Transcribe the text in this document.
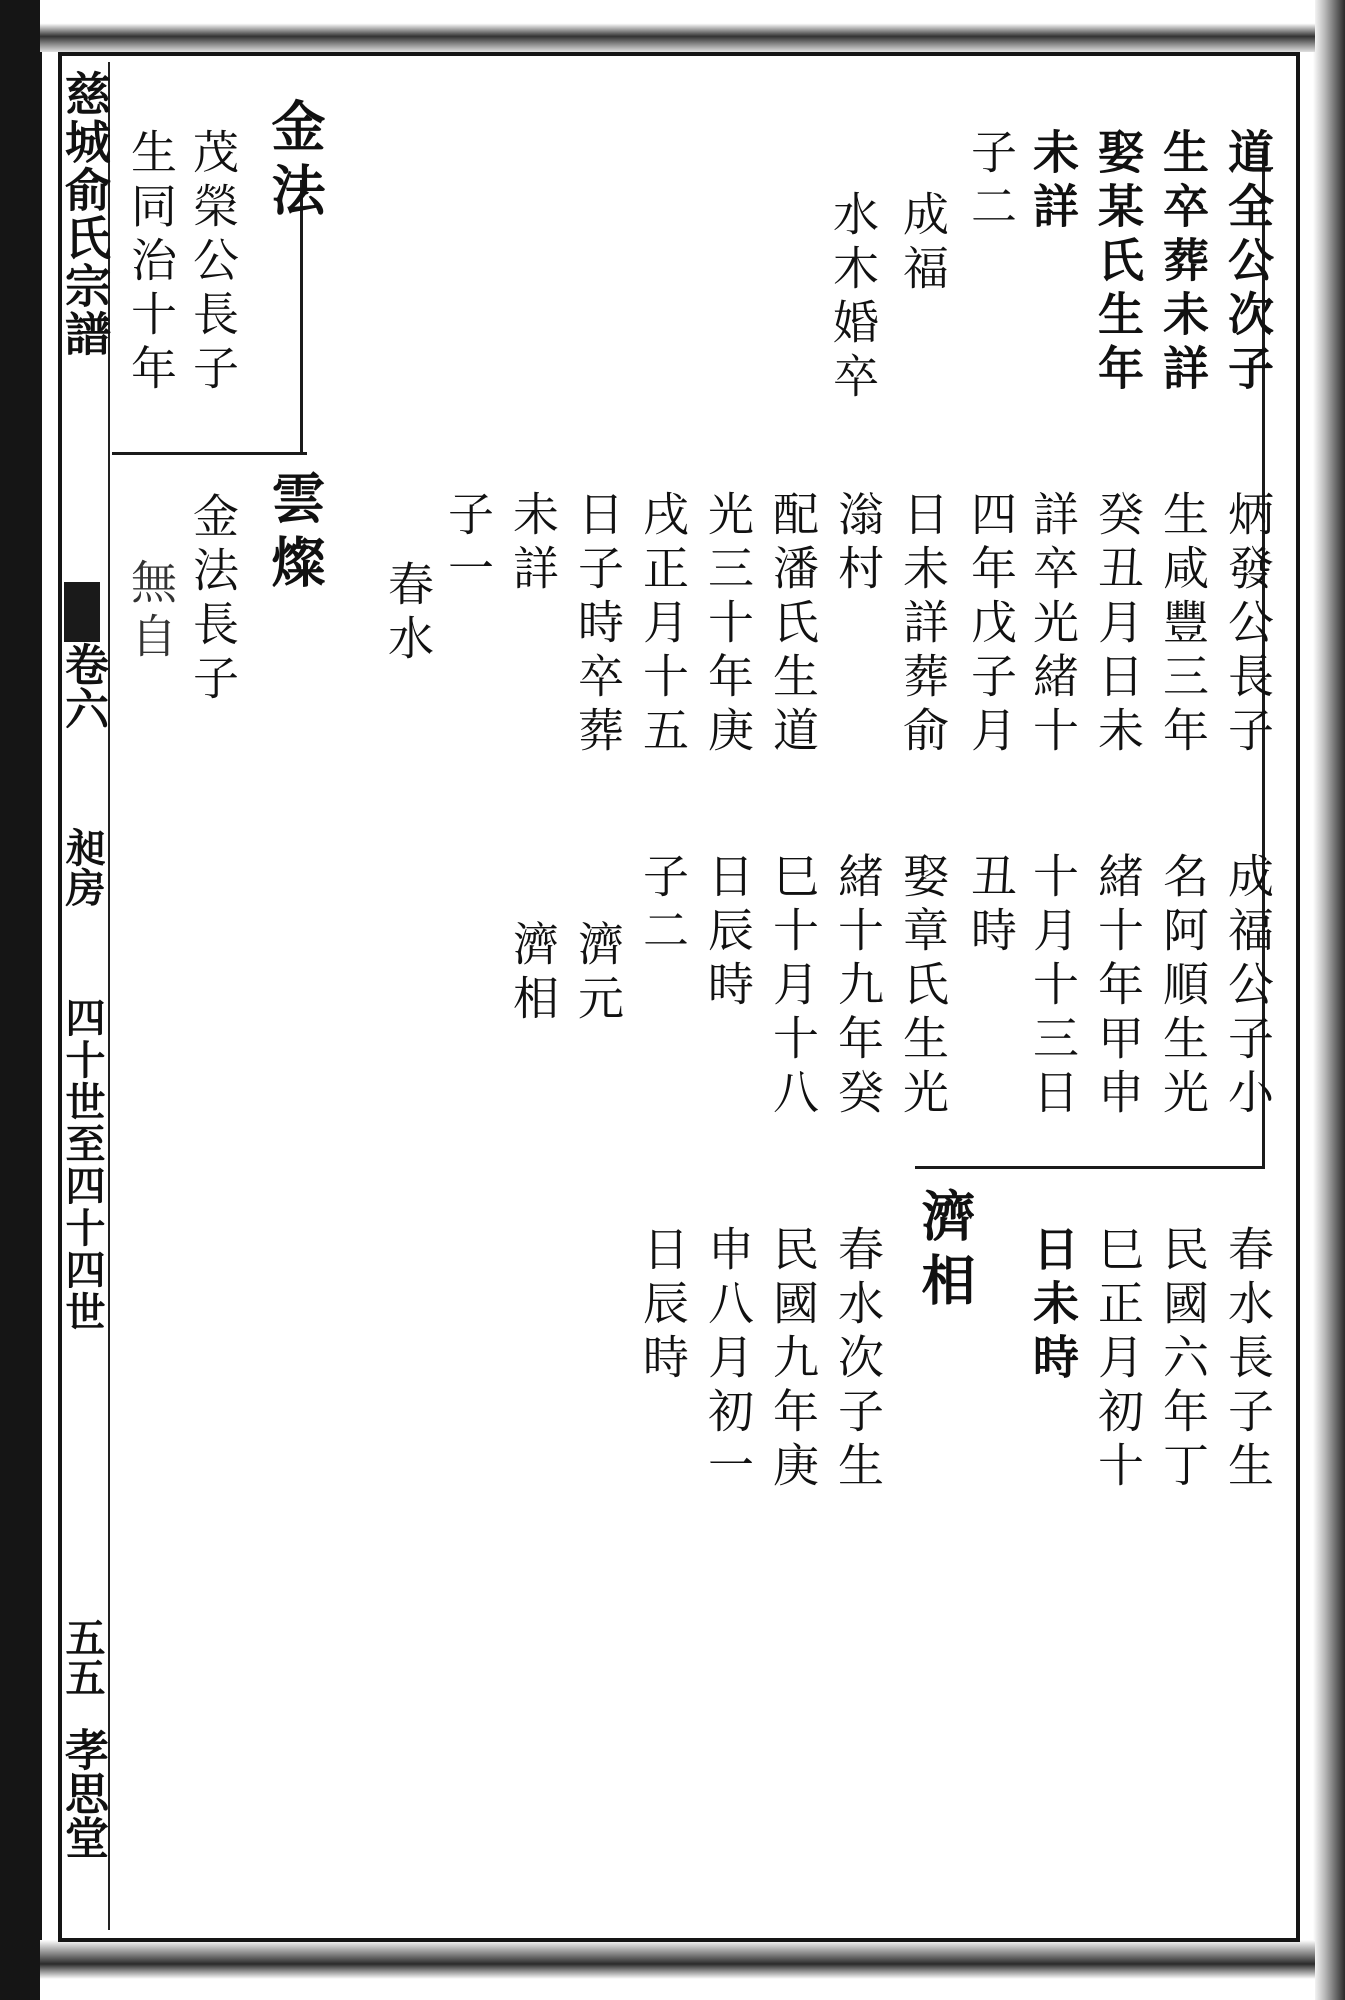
慈城俞氏宗譜
卷六
昶房
四十世至四十四世
五五
孝思堂
道全公次子
生卒葬未詳
娶某氏生年
未詳
子二
成福
水木婚卒
金法
茂榮公長子
生同治十年
雲燦
金法長子
無自	炳發公長子
生咸豐三年
癸丑月日未
詳卒光緒十
四年戊子月
日未詳葬俞
滃村
配潘氏生道
光三十年庚
戌正月十五
日子時卒葬
未詳
子一
春水
成福公子小
名阿順生光
緒十年甲申
十月十三日
丑時
娶章氏生光
緒十九年癸
巳十月十八
日辰時
子二
濟元
濟相
春水長子生
民國六年丁
巳正月初十
日未時
濟相
春水次子生
民國九年庚
申八月初一
日辰時
